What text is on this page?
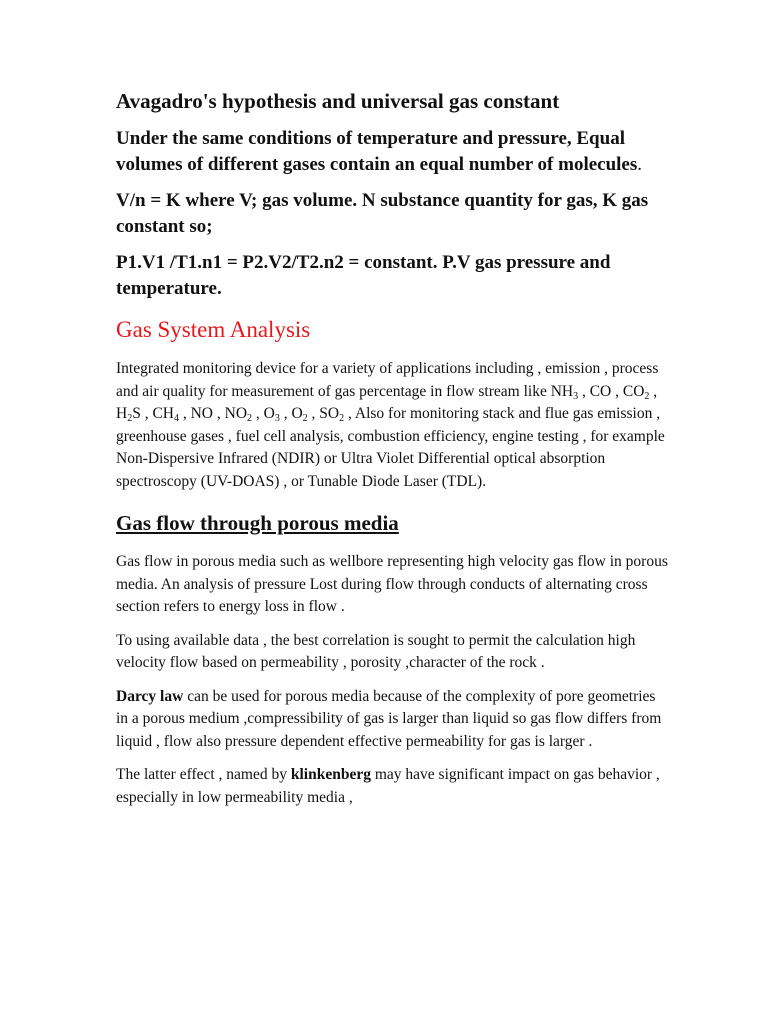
Avagadro's hypothesis and universal gas constant

Under the same conditions of temperature and pressure, Equal volumes of different gases contain an equal number of molecules.

V/n = K where V; gas volume. N substance quantity for gas, K gas constant so;

P1.V1 /T1.n1 = P2.V2/T2.n2 = constant. P.V gas pressure and temperature.

Gas System Analysis

Integrated monitoring device for a variety of applications including , emission , process and air quality for measurement of gas percentage in flow stream like $NH_3$ , CO , $CO_2$ , $H_2S$ , $CH_4$ , NO , $NO_2$ , $O_3$ , $O_2$ , $SO_2$ , Also for monitoring stack and flue gas emission , greenhouse gases , fuel cell analysis, combustion efficiency, engine testing , for example Non-Dispersive Infrared (NDIR) or Ultra Violet Differential optical absorption spectroscopy (UV-DOAS) , or Tunable Diode Laser (TDL).

Gas flow through porous media

Gas flow in porous media such as wellbore representing high velocity gas flow in porous media. An analysis of pressure Lost during flow through conducts of alternating cross section refers to energy loss in flow .

To using available data , the best correlation is sought to permit the calculation high velocity flow based on permeability , porosity ,character of the rock .

Darcy law can be used for porous media because of the complexity of pore geometries in a porous medium ,compressibility of gas is larger than liquid so gas flow differs from liquid , flow also pressure dependent effective permeability for gas is larger .

The latter effect , named by klinkenberg may have significant impact on gas behavior , especially in low permeability media ,
